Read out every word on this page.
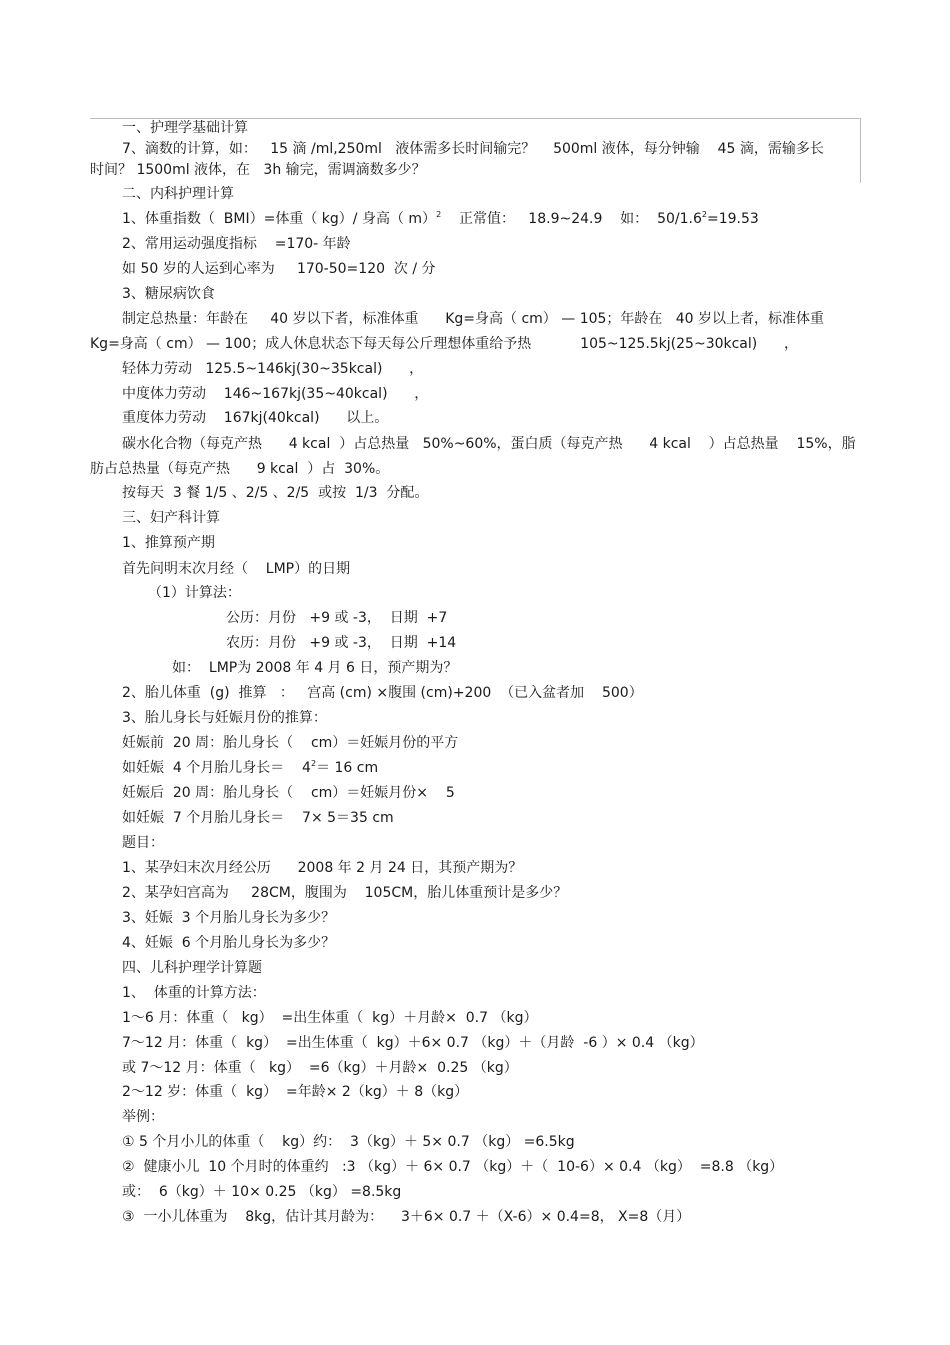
一、护理学基础计算
7、滴数的计算，如：   15 滴 /ml,250ml   液体需多长时间输完？    500ml 液体，每分钟输    45 滴，需输多长
时间？ 1500ml 液体，在   3h 输完，需调滴数多少？
二、内科护理计算
1、体重指数（  BMI）=体重（ kg）/ 身高（ m）$^2$    正常值：   18.9~24.9    如：  $50/1.6^2=19.53$
2、常用运动强度指标    =170- 年龄
如 50 岁的人运到心率为     170-50=120  次 / 分
3、糖尿病饮食
制定总热量：年龄在     40 岁以下者，标准体重      Kg=身高（ cm） — 105；年龄在   40 岁以上者，标准体重
Kg=身高（ cm） — 100；成人休息状态下每天每公斤理想体重给予热           105~125.5kj(25~30kcal)      ，
轻体力劳动   125.5~146kj(30~35kcal)      ，
中度体力劳动    146~167kj(35~40kcal)      ，
重度体力劳动    167kj(40kcal)      以上。
碳水化合物（每克产热      4 kcal  ）占总热量   50%~60%，蛋白质（每克产热      4 kcal    ）占总热量    15%，脂
肪占总热量（每克产热      9 kcal  ）占  30%。
按每天  3 餐 1/5 、2/5 、2/5  或按  1/3  分配。
三、妇产科计算
1、推算预产期
首先问明末次月经（    LMP）的日期
（1）计算法：
公历：月份   +9 或 -3，  日期  +7
农历：月份   +9 或 -3，  日期  +14
如：  LMP为 2008 年 4 月 6 日，预产期为？
2、胎儿体重  (g)  推算   ：   宫高 (cm) ×腹围 (cm)+200  （已入盆者加    500）
3、胎儿身长与妊娠月份的推算：
妊娠前  20 周：胎儿身长（    cm）＝妊娠月份的平方
如妊娠  4 个月胎儿身长＝    $4^2= 16$ cm
妊娠后  20 周：胎儿身长（    cm）＝妊娠月份×    5
如妊娠  7 个月胎儿身长＝    7× 5＝35 cm
题目：
1、某孕妇末次月经公历      2008 年 2 月 24 日，其预产期为？
2、某孕妇宫高为     28CM，腹围为    105CM，胎儿体重预计是多少？
3、妊娠  3 个月胎儿身长为多少？
4、妊娠  6 个月胎儿身长为多少？
四、儿科护理学计算题
1、  体重的计算方法：
1～6 月：体重（   kg）  =出生体重（  kg）＋月龄×  0.7 （kg）
7～12 月：体重（  kg）  =出生体重（  kg）＋6× 0.7 （kg）＋（月龄  -6 ）× 0.4 （kg）
或 7～12 月：体重（   kg）  =6（kg）＋月龄×  0.25 （kg）
2～12 岁：体重（  kg）  =年龄× 2（kg）＋ 8（kg）
举例：
① 5 个月小儿的体重（    kg）约：  3（kg）＋ 5× 0.7 （kg） =6.5kg
②  健康小儿  10 个月时的体重约   :3 （kg）＋ 6× 0.7 （kg）＋（  10-6）× 0.4 （kg）  =8.8 （kg）
或：  6（kg）＋ 10× 0.25 （kg） =8.5kg
③  一小儿体重为    8kg，估计其月龄为：    3＋6× 0.7 ＋（X-6）× 0.4=8， X=8（月）
